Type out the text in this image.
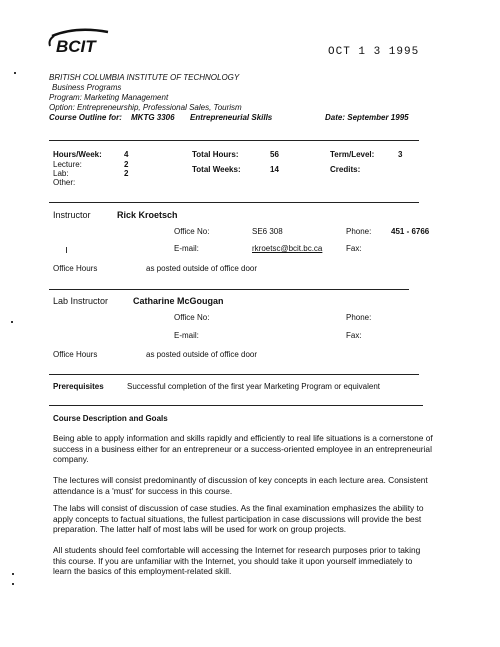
BCIT	OCT 1 3 1995
BRITISH COLUMBIA INSTITUTE OF TECHNOLOGY
Business Programs
Program: Marketing Management
Option: Entrepreneurship, Professional Sales, Tourism
Course Outline for: MKTG 3306 Entrepreneurial Skills	Date: September 1995
Hours/Week:	4
Lecture:	2
Lab:	2
Other:
Total Hours:	56
Total Weeks:	14
Term/Level:	3
Credits:
Instructor	Rick Kroetsch
Office No:	SE6 308	Phone: 451 - 6766
E-mail:	rkroetsc@bcit.bc.ca	Fax:
Office Hours	as posted outside of office door
Lab Instructor	Catharine McGougan
Office No:	Phone:
E-mail:	Fax:
Office Hours	as posted outside of office door
Prerequisites	Successful completion of the first year Marketing Program or equivalent
Course Description and Goals
Being able to apply information and skills rapidly and efficiently to real life situations is a cornerstone of success in a business either for an entrepreneur or a success-oriented employee in an entrepreneurial company.
The lectures will consist predominantly of discussion of key concepts in each lecture area. Consistent attendance is a 'must' for success in this course.
The labs will consist of discussion of case studies. As the final examination emphasizes the ability to apply concepts to factual situations, the fullest participation in case discussions will provide the best preparation. The latter half of most labs will be used for work on group projects.
All students should feel comfortable will accessing the Internet for research purposes prior to taking this course. If you are unfamiliar with the Internet, you should take it upon yourself immediately to learn the basics of this employment-related skill.
